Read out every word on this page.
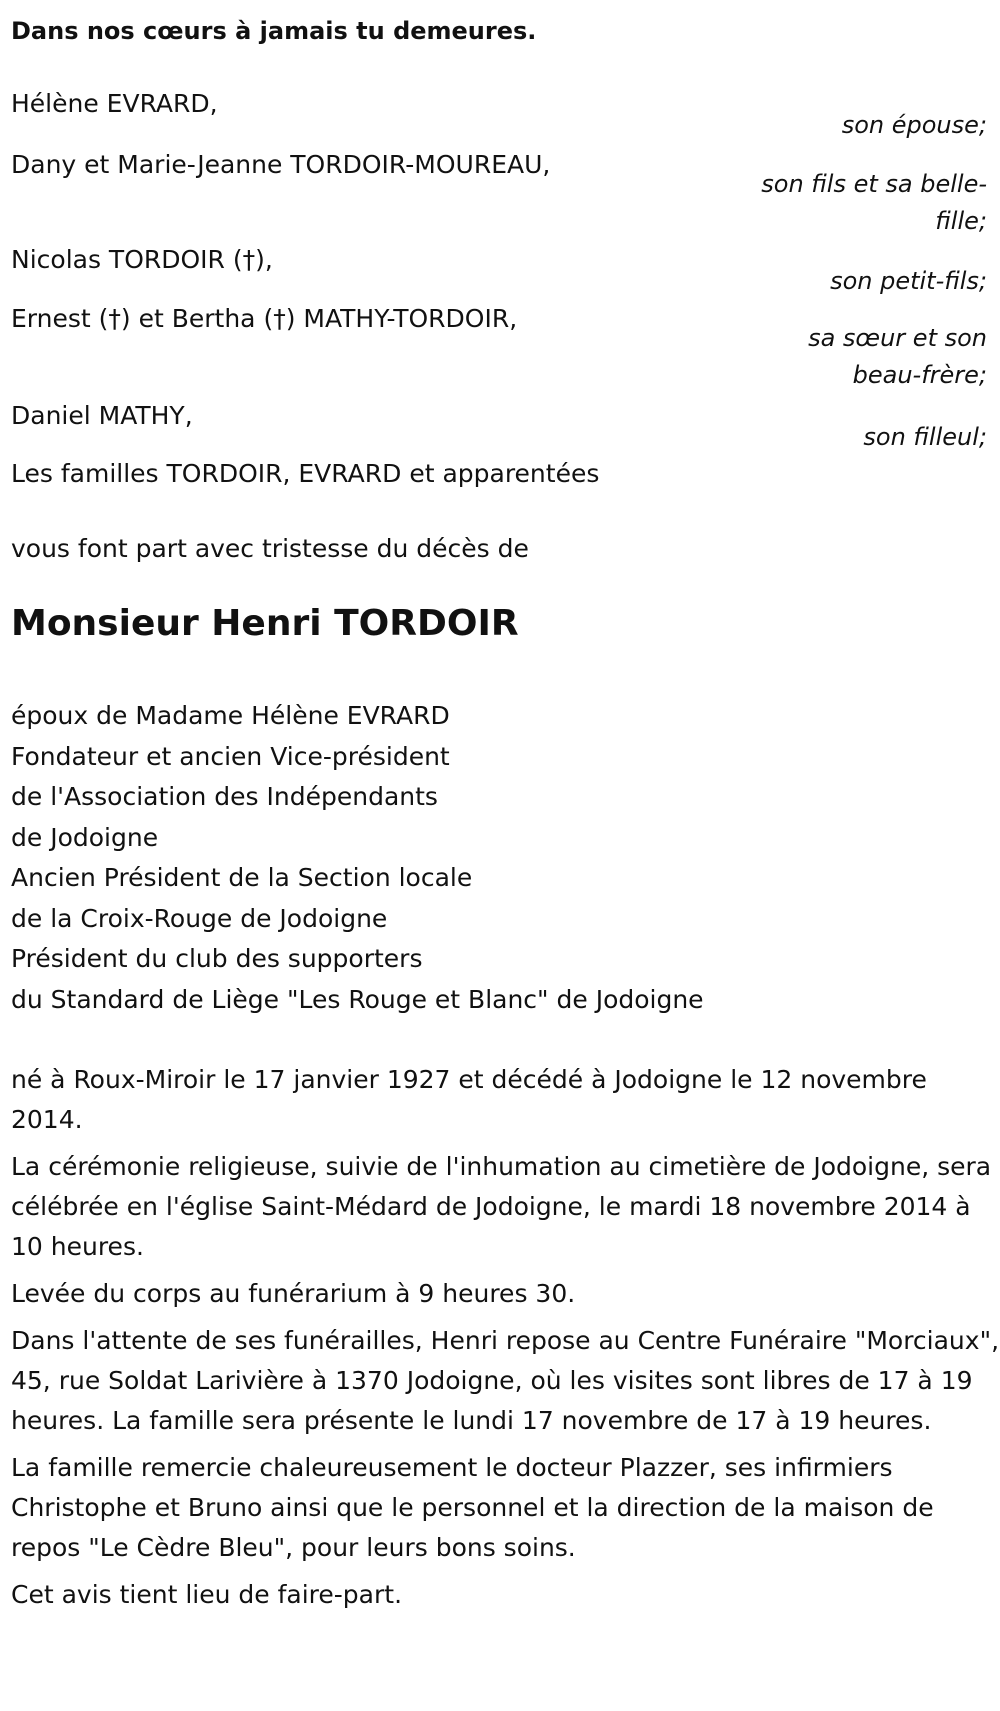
Dans nos cœurs à jamais tu demeures.
Hélène EVRARD,
son épouse;
Dany et Marie-Jeanne TORDOIR-MOUREAU,
son fils et sa belle-fille;
Nicolas TORDOIR (†),
son petit-fils;
Ernest (†) et Bertha (†) MATHY-TORDOIR,
sa sœur et son beau-frère;
Daniel MATHY,
son filleul;
Les familles TORDOIR, EVRARD et apparentées
vous font part avec tristesse du décès de
Monsieur Henri TORDOIR
époux de Madame Hélène EVRARD
Fondateur et ancien Vice-président
de l'Association des Indépendants
de Jodoigne
Ancien Président de la Section locale
de la Croix-Rouge de Jodoigne
Président du club des supporters
du Standard de Liège "Les Rouge et Blanc" de Jodoigne
né à Roux-Miroir le 17 janvier 1927 et décédé à Jodoigne le 12 novembre 2014.
La cérémonie religieuse, suivie de l'inhumation au cimetière de Jodoigne, sera célébrée en l'église Saint-Médard de Jodoigne, le mardi 18 novembre 2014 à 10 heures.
Levée du corps au funérarium à 9 heures 30.
Dans l'attente de ses funérailles, Henri repose au Centre Funéraire "Morciaux", 45, rue Soldat Larivière à 1370 Jodoigne, où les visites sont libres de 17 à 19 heures. La famille sera présente le lundi 17 novembre de 17 à 19 heures.
La famille remercie chaleureusement le docteur Plazzer, ses infirmiers Christophe et Bruno ainsi que le personnel et la direction de la maison de repos "Le Cèdre Bleu", pour leurs bons soins.
Cet avis tient lieu de faire-part.
